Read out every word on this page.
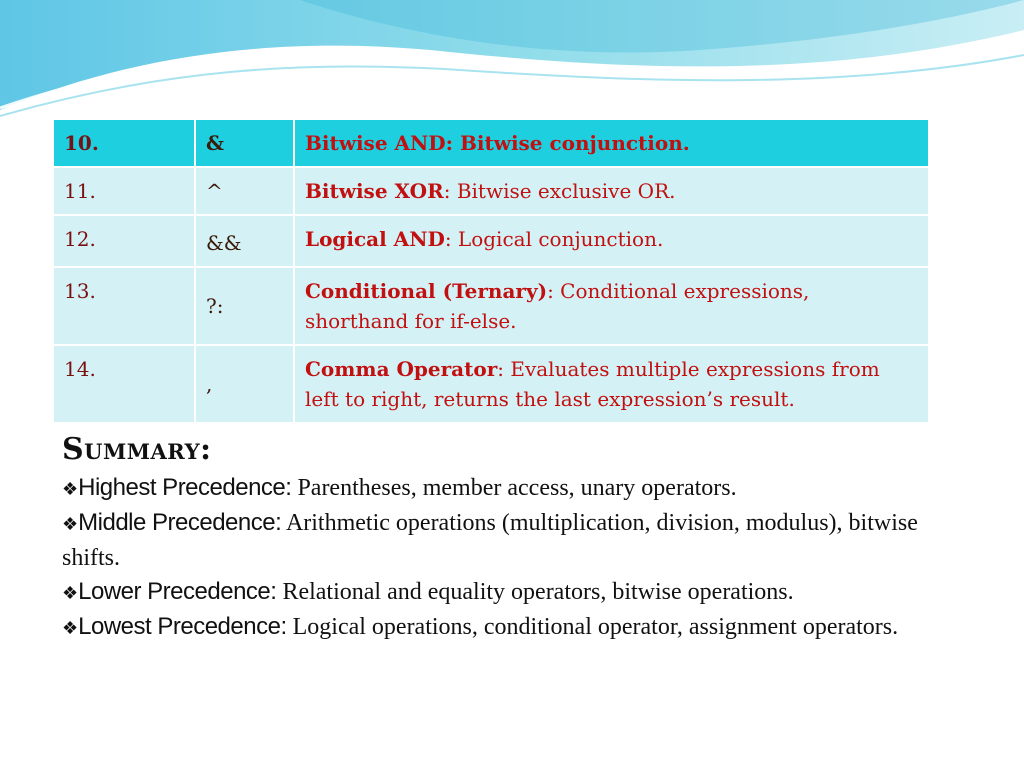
10.	&	Bitwise AND: Bitwise conjunction.
11.	^	Bitwise XOR: Bitwise exclusive OR.
12.	&&	Logical AND: Logical conjunction.
13.	?:	Conditional (Ternary): Conditional expressions, shorthand for if-else.
14.	,	Comma Operator: Evaluates multiple expressions from left to right, returns the last expression’s result.
Summary:

❖Highest Precedence: Parentheses, member access, unary operators.

❖Middle Precedence: Arithmetic operations (multiplication, division, modulus), bitwise shifts.

❖Lower Precedence: Relational and equality operators, bitwise operations.

❖Lowest Precedence: Logical operations, conditional operator, assignment operators.
